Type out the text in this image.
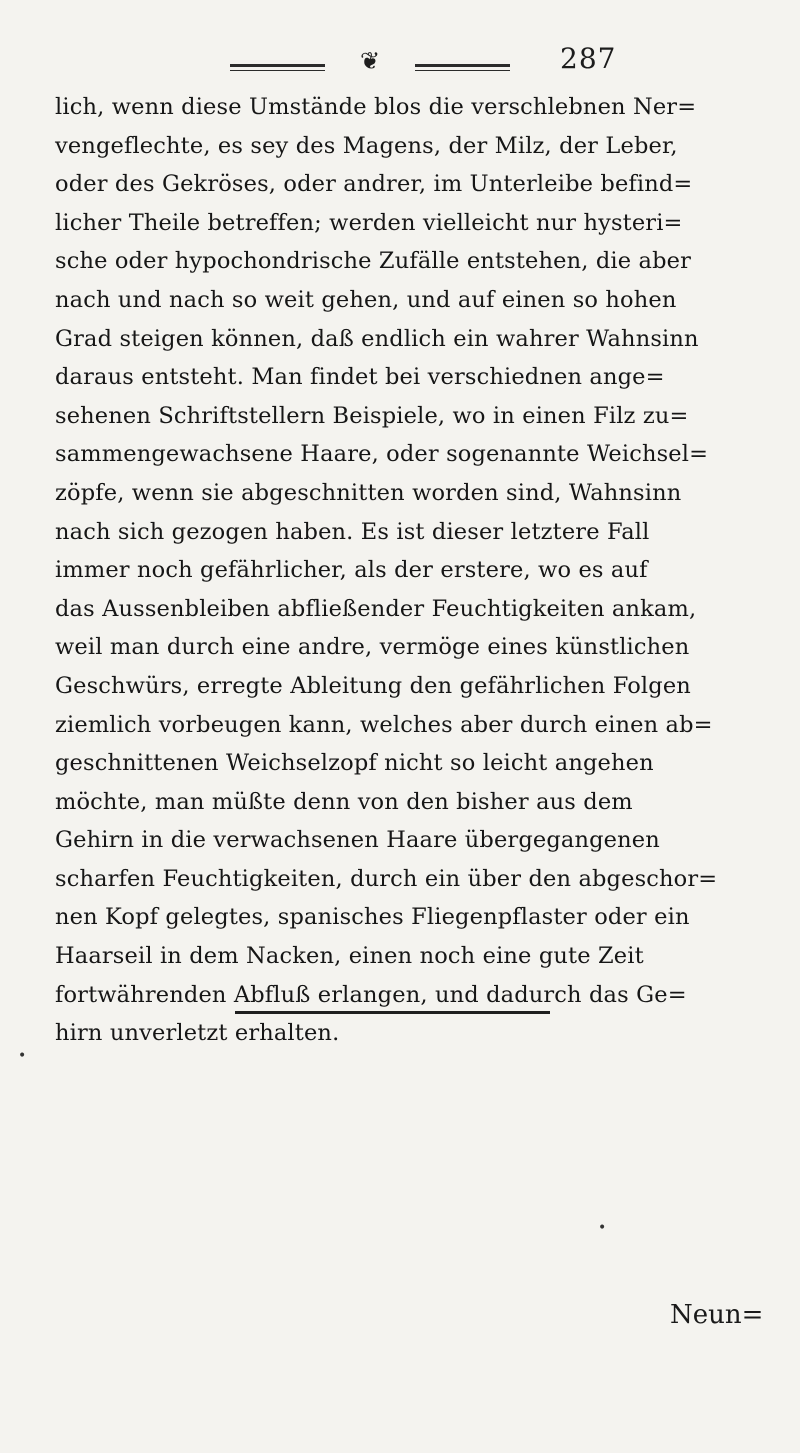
❦	287
lich, wenn diese Umstände blos die verschlebnen Ner=
vengeflechte, es sey des Magens, der Milz, der Leber,
oder des Gekröses, oder andrer, im Unterleibe befind=
licher Theile betreffen; werden vielleicht nur hysteri=
sche oder hypochondrische Zufälle entstehen, die aber
nach und nach so weit gehen, und auf einen so hohen
Grad steigen können, daß endlich ein wahrer Wahnsinn
daraus entsteht. Man findet bei verschiednen ange=
sehenen Schriftstellern Beispiele, wo in einen Filz zu=
sammengewachsene Haare, oder sogenannte Weichsel=
zöpfe, wenn sie abgeschnitten worden sind, Wahnsinn
nach sich gezogen haben. Es ist dieser letztere Fall
immer noch gefährlicher, als der erstere, wo es auf
das Aussenbleiben abfließender Feuchtigkeiten ankam,
weil man durch eine andre, vermöge eines künstlichen
Geschwürs, erregte Ableitung den gefährlichen Folgen
ziemlich vorbeugen kann, welches aber durch einen ab=
geschnittenen Weichselzopf nicht so leicht angehen
möchte, man müßte denn von den bisher aus dem
Gehirn in die verwachsenen Haare übergegangenen
scharfen Feuchtigkeiten, durch ein über den abgeschor=
nen Kopf gelegtes, spanisches Fliegenpflaster oder ein
Haarseil in dem Nacken, einen noch eine gute Zeit
fortwährenden Abfluß erlangen, und dadurch das Ge=
hirn unverletzt erhalten.
•
•
Neun=
